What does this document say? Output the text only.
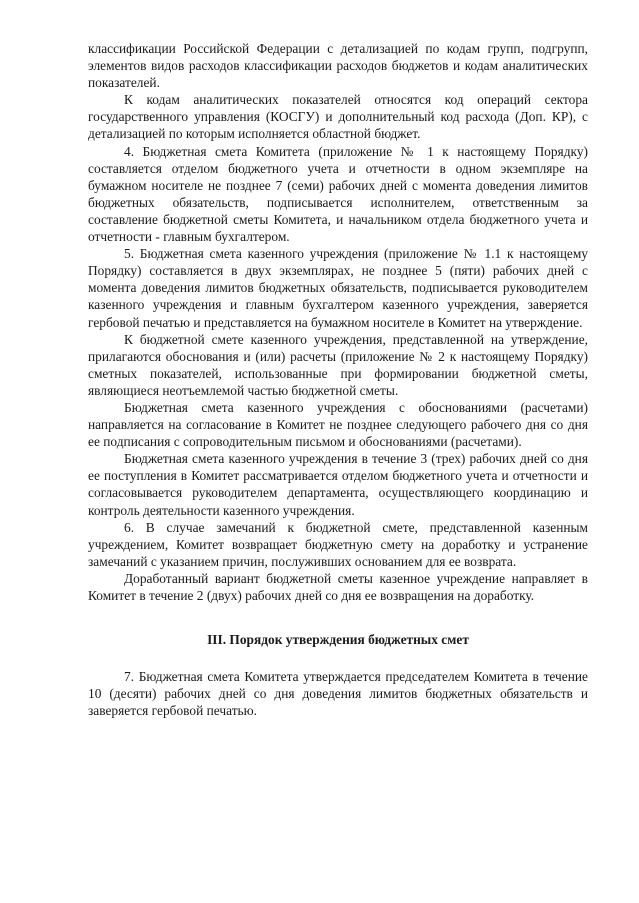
классификации Российской Федерации с детализацией по кодам групп, подгрупп, элементов видов расходов классификации расходов бюджетов и кодам аналитических показателей.

К кодам аналитических показателей относятся код операций сектора государственного управления (КОСГУ) и дополнительный код расхода (Доп. КР), с детализацией по которым исполняется областной бюджет.

4. Бюджетная смета Комитета (приложение № 1 к настоящему Порядку) составляется отделом бюджетного учета и отчетности в одном экземпляре на бумажном носителе не позднее 7 (семи) рабочих дней с момента доведения лимитов бюджетных обязательств, подписывается исполнителем, ответственным за составление бюджетной сметы Комитета, и начальником отдела бюджетного учета и отчетности - главным бухгалтером.

5. Бюджетная смета казенного учреждения (приложение № 1.1 к настоящему Порядку) составляется в двух экземплярах, не позднее 5 (пяти) рабочих дней с момента доведения лимитов бюджетных обязательств, подписывается руководителем казенного учреждения и главным бухгалтером казенного учреждения, заверяется гербовой печатью и представляется на бумажном носителе в Комитет на утверждение.

К бюджетной смете казенного учреждения, представленной на утверждение, прилагаются обоснования и (или) расчеты (приложение № 2 к настоящему Порядку) сметных показателей, использованные при формировании бюджетной сметы, являющиеся неотъемлемой частью бюджетной сметы.

Бюджетная смета казенного учреждения с обоснованиями (расчетами) направляется на согласование в Комитет не позднее следующего рабочего дня со дня ее подписания с сопроводительным письмом и обоснованиями (расчетами).

Бюджетная смета казенного учреждения в течение 3 (трех) рабочих дней со дня ее поступления в Комитет рассматривается отделом бюджетного учета и отчетности и согласовывается руководителем департамента, осуществляющего координацию и контроль деятельности казенного учреждения.

6. В случае замечаний к бюджетной смете, представленной казенным учреждением, Комитет возвращает бюджетную смету на доработку и устранение замечаний с указанием причин, послуживших основанием для ее возврата.

Доработанный вариант бюджетной сметы казенное учреждение направляет в Комитет в течение 2 (двух) рабочих дней со дня ее возвращения на доработку.

III. Порядок утверждения бюджетных смет

7. Бюджетная смета Комитета утверждается председателем Комитета в течение 10 (десяти) рабочих дней со дня доведения лимитов бюджетных обязательств и заверяется гербовой печатью.
